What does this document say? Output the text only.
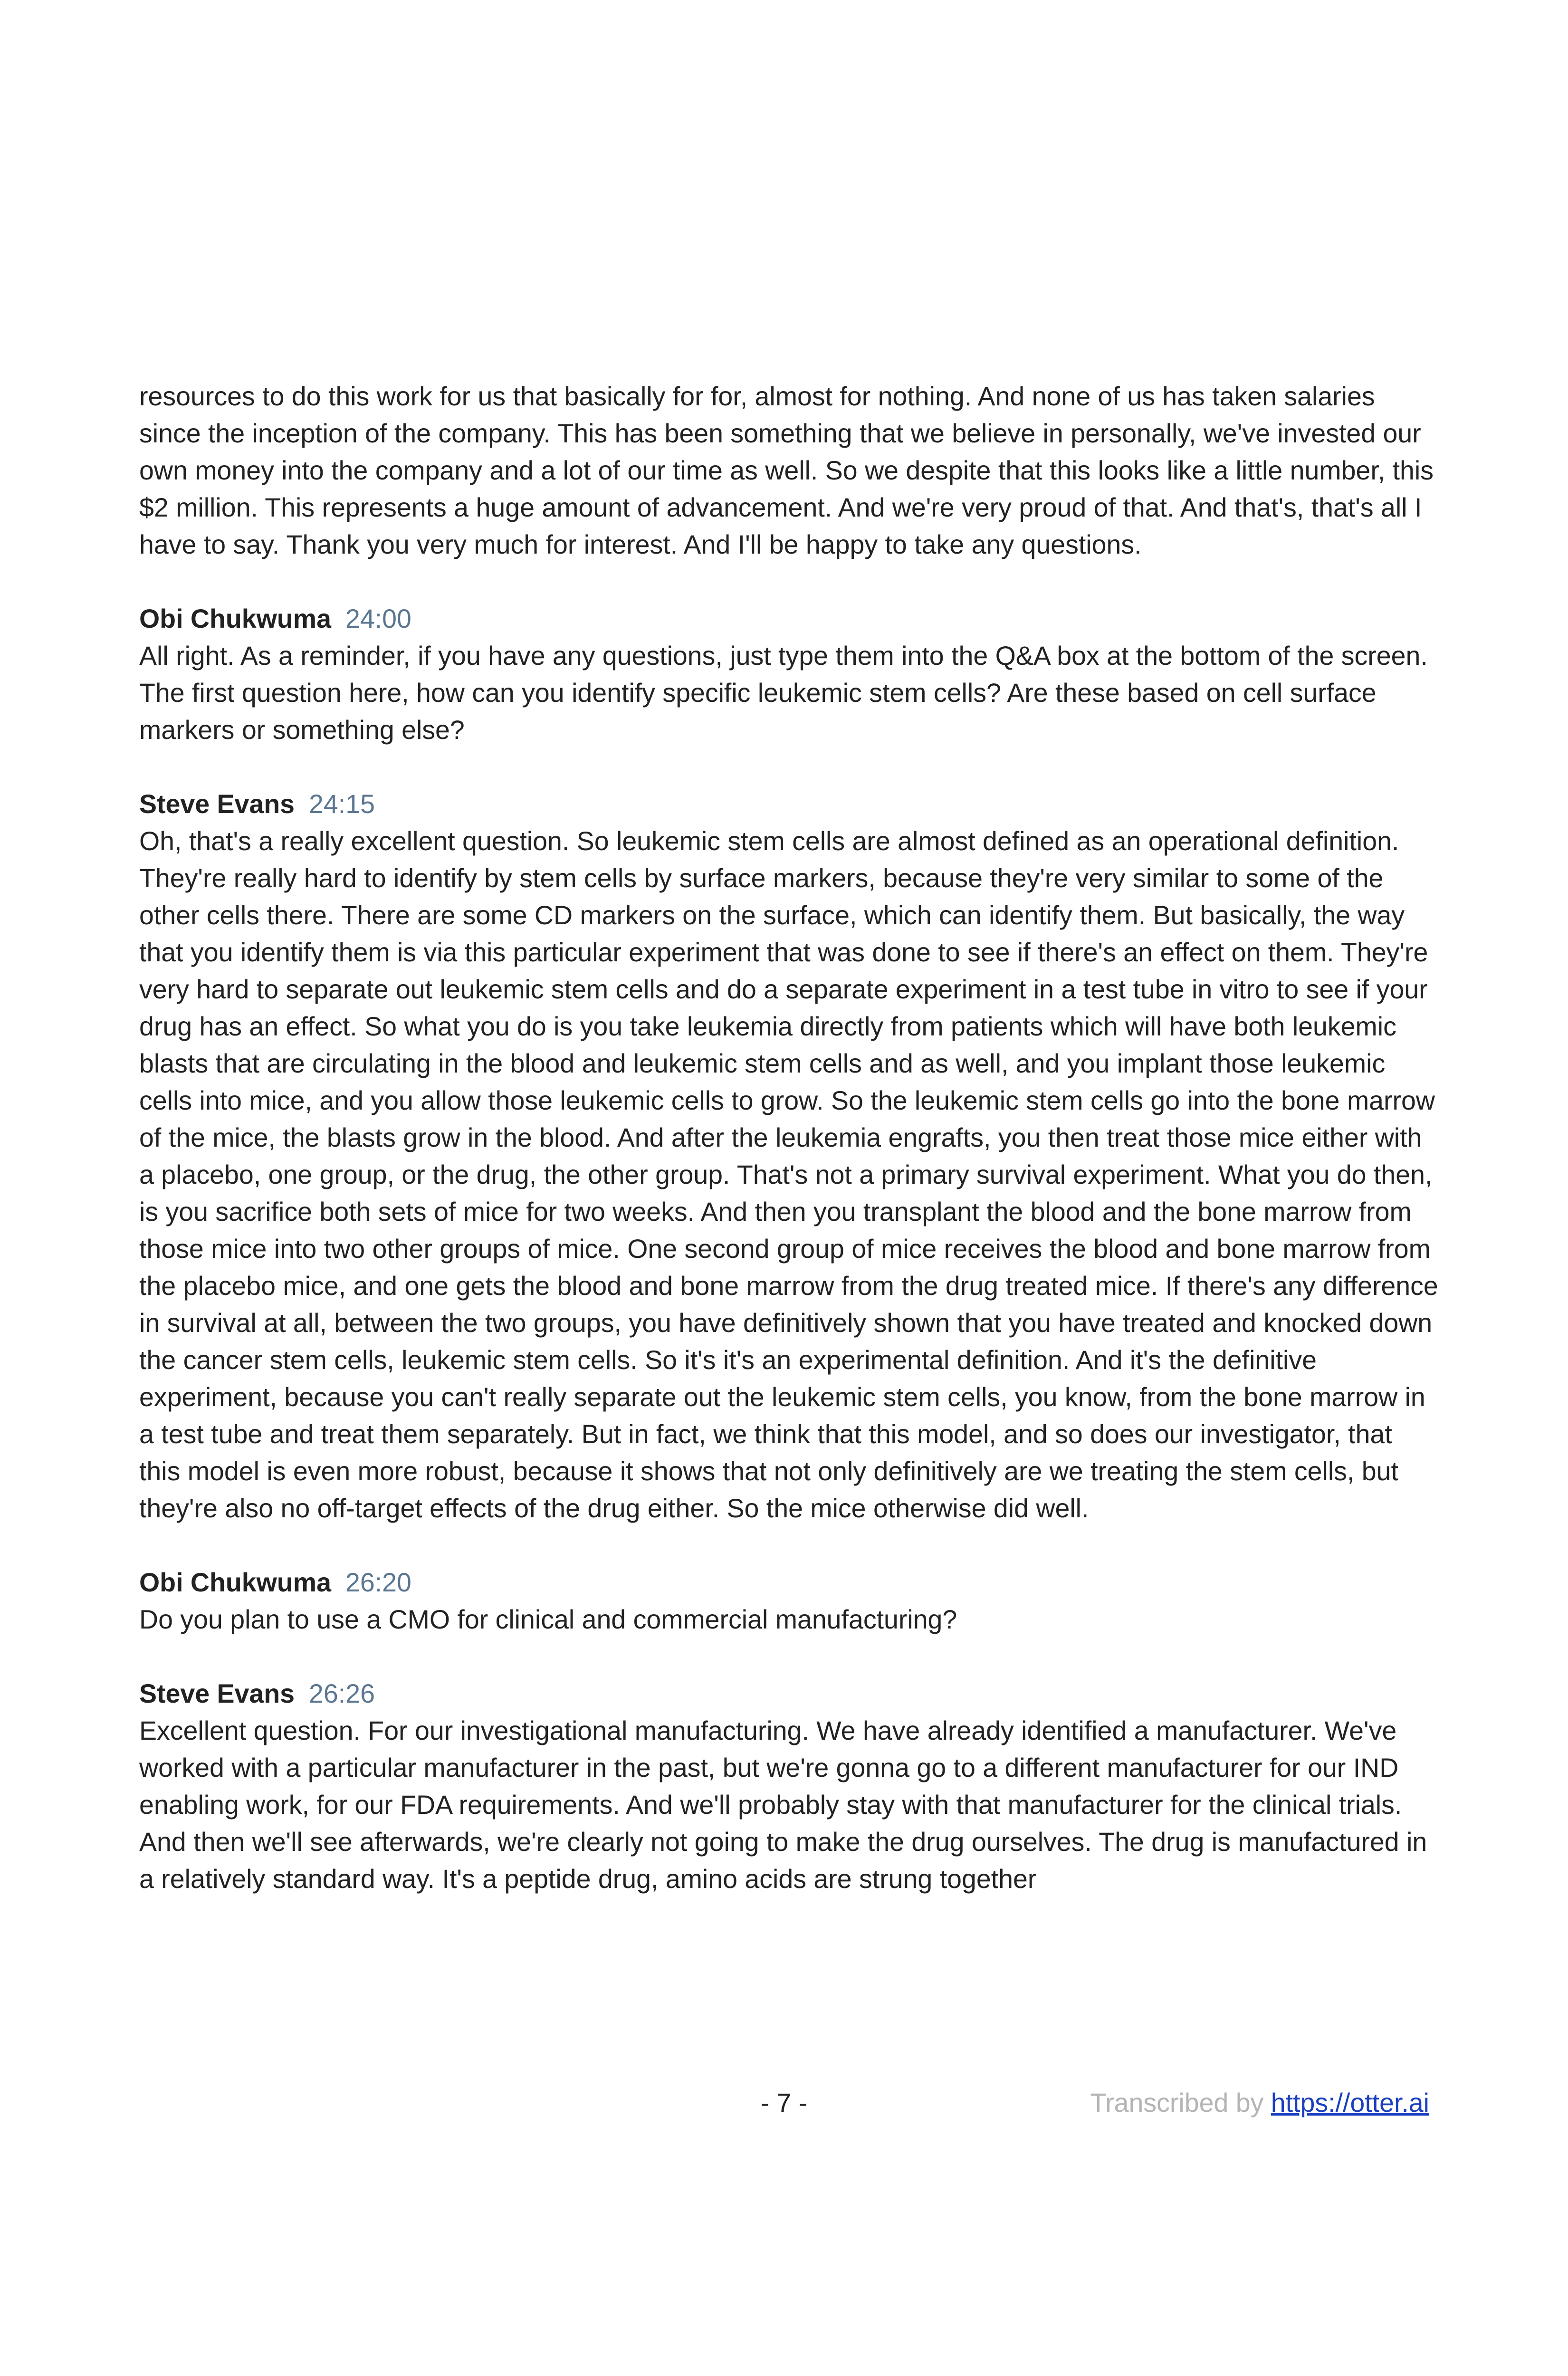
resources to do this work for us that basically for for, almost for nothing. And none of us has taken salaries since the inception of the company. This has been something that we believe in personally, we've invested our own money into the company and a lot of our time as well. So we despite that this looks like a little number, this $2 million. This represents a huge amount of advancement. And we're very proud of that. And that's, that's all I have to say. Thank you very much for interest. And I'll be happy to take any questions.

Obi Chukwuma 24:00

All right. As a reminder, if you have any questions, just type them into the Q&A box at the bottom of the screen. The first question here, how can you identify specific leukemic stem cells? Are these based on cell surface markers or something else?

Steve Evans 24:15

Oh, that's a really excellent question. So leukemic stem cells are almost defined as an operational definition. They're really hard to identify by stem cells by surface markers, because they're very similar to some of the other cells there. There are some CD markers on the surface, which can identify them. But basically, the way that you identify them is via this particular experiment that was done to see if there's an effect on them. They're very hard to separate out leukemic stem cells and do a separate experiment in a test tube in vitro to see if your drug has an effect. So what you do is you take leukemia directly from patients which will have both leukemic blasts that are circulating in the blood and leukemic stem cells and as well, and you implant those leukemic cells into mice, and you allow those leukemic cells to grow. So the leukemic stem cells go into the bone marrow of the mice, the blasts grow in the blood. And after the leukemia engrafts, you then treat those mice either with a placebo, one group, or the drug, the other group. That's not a primary survival experiment. What you do then, is you sacrifice both sets of mice for two weeks. And then you transplant the blood and the bone marrow from those mice into two other groups of mice. One second group of mice receives the blood and bone marrow from the placebo mice, and one gets the blood and bone marrow from the drug treated mice. If there's any difference in survival at all, between the two groups, you have definitively shown that you have treated and knocked down the cancer stem cells, leukemic stem cells. So it's it's an experimental definition. And it's the definitive experiment, because you can't really separate out the leukemic stem cells, you know, from the bone marrow in a test tube and treat them separately. But in fact, we think that this model, and so does our investigator, that this model is even more robust, because it shows that not only definitively are we treating the stem cells, but they're also no off-target effects of the drug either. So the mice otherwise did well.

Obi Chukwuma 26:20

Do you plan to use a CMO for clinical and commercial manufacturing?

Steve Evans 26:26

Excellent question. For our investigational manufacturing. We have already identified a manufacturer. We've worked with a particular manufacturer in the past, but we're gonna go to a different manufacturer for our IND enabling work, for our FDA requirements. And we'll probably stay with that manufacturer for the clinical trials. And then we'll see afterwards, we're clearly not going to make the drug ourselves. The drug is manufactured in a relatively standard way. It's a peptide drug, amino acids are strung together

- 7 -	Transcribed by https://otter.ai
